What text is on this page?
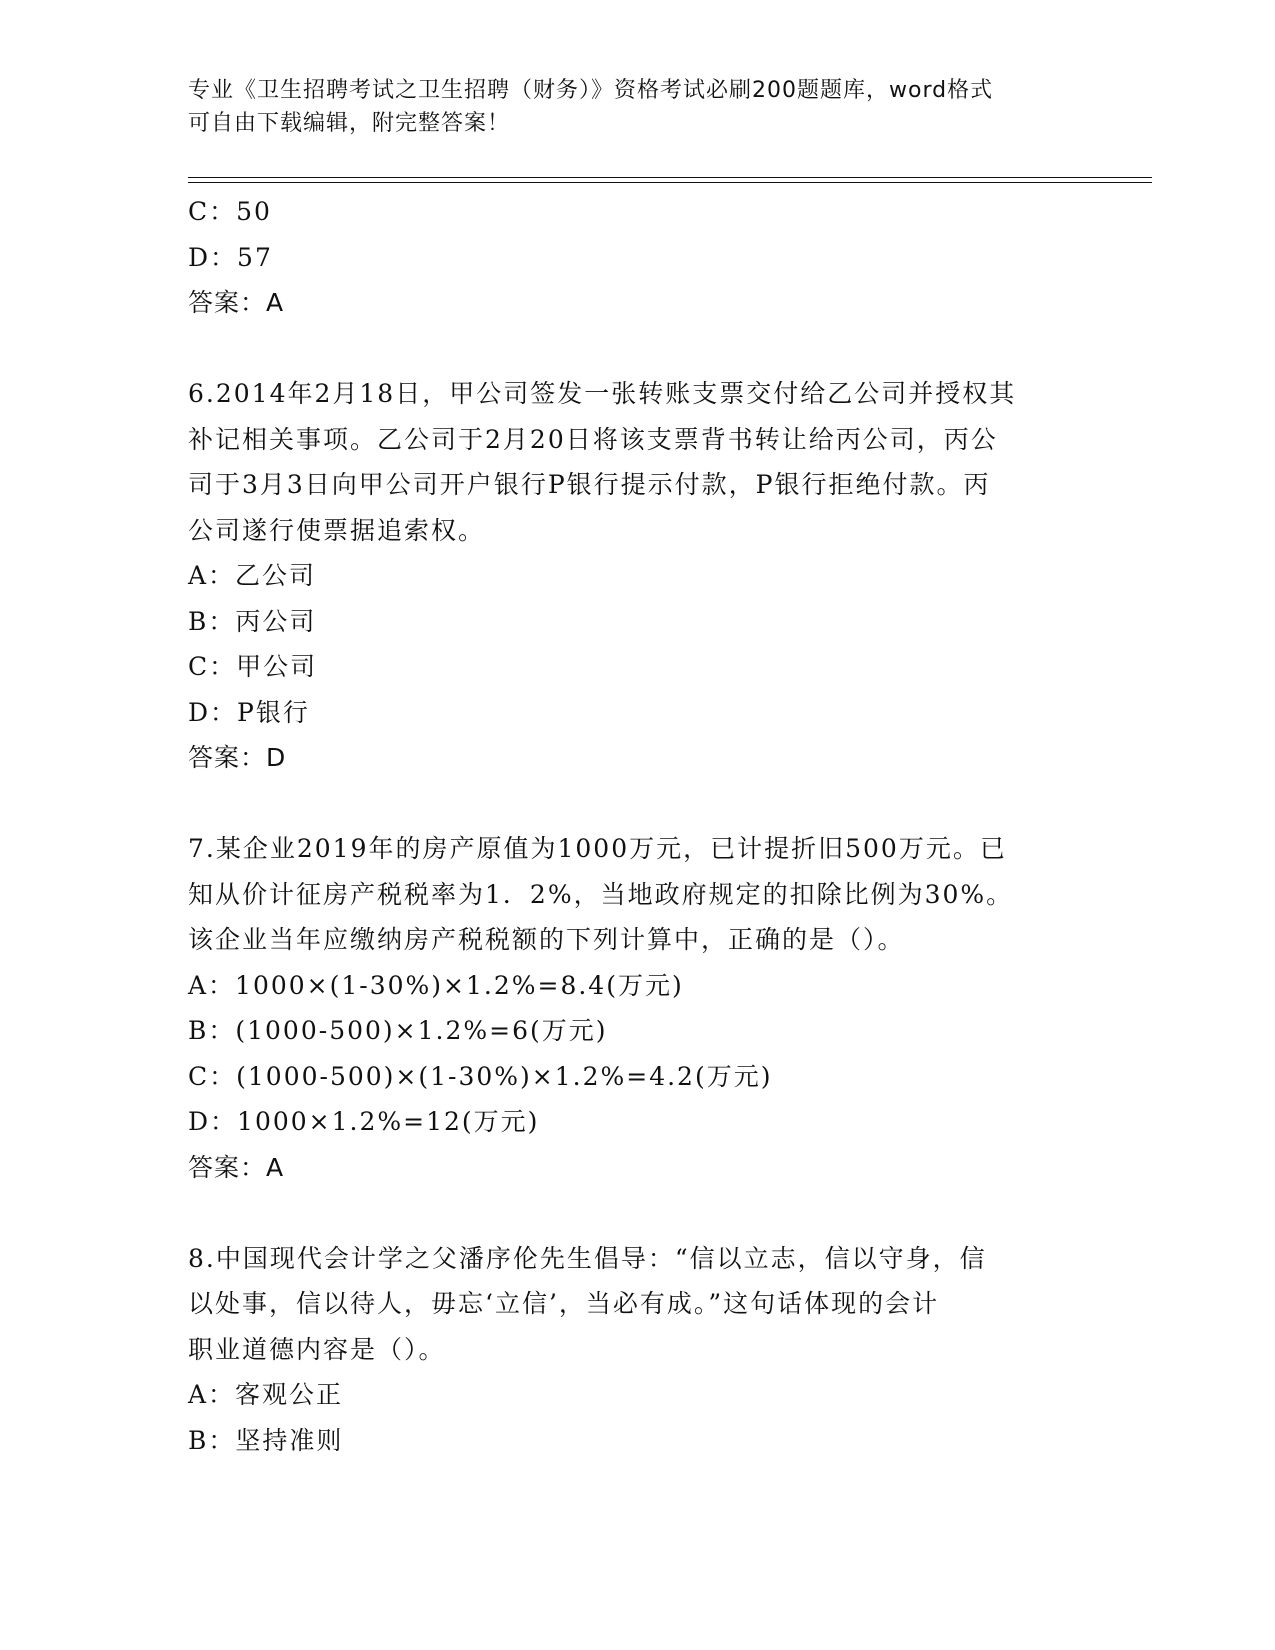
专业《卫生招聘考试之卫生招聘（财务）》资格考试必刷200题题库，word格式
可自由下载编辑，附完整答案！
C：50
D：57
答案：A
6.2014年2月18日，甲公司签发一张转账支票交付给乙公司并授权其
补记相关事项。乙公司于2月20日将该支票背书转让给丙公司，丙公
司于3月3日向甲公司开户银行P银行提示付款，P银行拒绝付款。丙
公司遂行使票据追索权。
A：乙公司
B：丙公司
C：甲公司
D：P银行
答案：D
7.某企业2019年的房产原值为1000万元，已计提折旧500万元。已
知从价计征房产税税率为1．2%，当地政府规定的扣除比例为30%。
该企业当年应缴纳房产税税额的下列计算中，正确的是（）。
A：1000×(1-30%)×1.2%=8.4(万元)
B：(1000-500)×1.2%=6(万元)
C：(1000-500)×(1-30%)×1.2%=4.2(万元)
D：1000×1.2%=12(万元)
答案：A
8.中国现代会计学之父潘序伦先生倡导：“信以立志，信以守身，信
以处事，信以待人，毋忘‘立信’，当必有成。”这句话体现的会计
职业道德内容是（）。
A：客观公正
B：坚持准则
